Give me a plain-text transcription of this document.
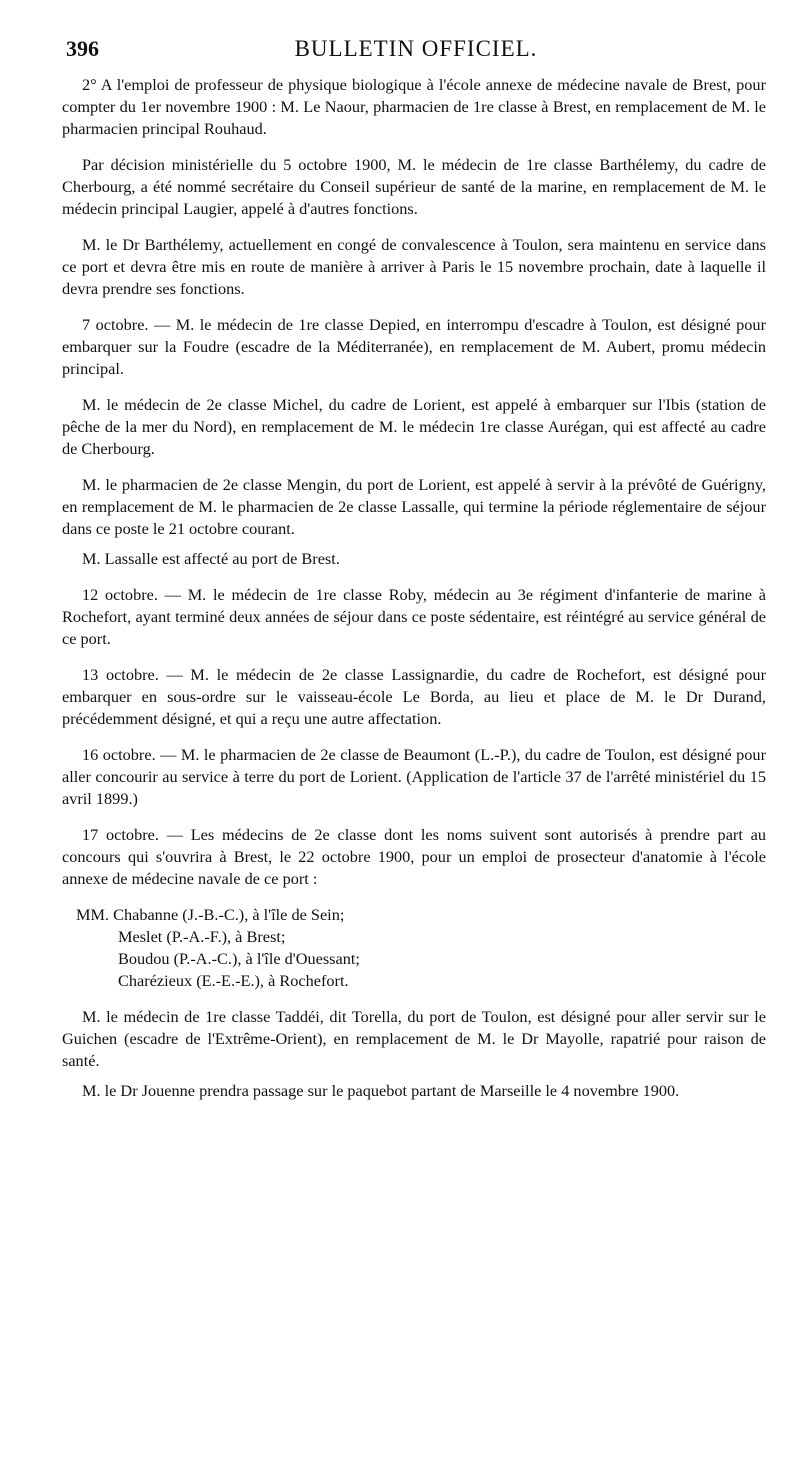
396	BULLETIN OFFICIEL.

2° A l'emploi de professeur de physique biologique à l'école annexe de médecine navale de Brest, pour compter du 1er novembre 1900 : M. Le Naour, pharmacien de 1re classe à Brest, en remplacement de M. le pharmacien principal Rouhaud.

Par décision ministérielle du 5 octobre 1900, M. le médecin de 1re classe Barthélemy, du cadre de Cherbourg, a été nommé secrétaire du Conseil supérieur de santé de la marine, en remplacement de M. le médecin principal Laugier, appelé à d'autres fonctions.

M. le Dr Barthélemy, actuellement en congé de convalescence à Toulon, sera maintenu en service dans ce port et devra être mis en route de manière à arriver à Paris le 15 novembre prochain, date à laquelle il devra prendre ses fonctions.

7 octobre. — M. le médecin de 1re classe Depied, en interrompu d'escadre à Toulon, est désigné pour embarquer sur la Foudre (escadre de la Méditerranée), en remplacement de M. Aubert, promu médecin principal.

M. le médecin de 2e classe Michel, du cadre de Lorient, est appelé à embarquer sur l'Ibis (station de pêche de la mer du Nord), en remplacement de M. le médecin 1re classe Aurégan, qui est affecté au cadre de Cherbourg.

M. le pharmacien de 2e classe Mengin, du port de Lorient, est appelé à servir à la prévôté de Guérigny, en remplacement de M. le pharmacien de 2e classe Lassalle, qui termine la période réglementaire de séjour dans ce poste le 21 octobre courant.

M. Lassalle est affecté au port de Brest.

12 octobre. — M. le médecin de 1re classe Roby, médecin au 3e régiment d'infanterie de marine à Rochefort, ayant terminé deux années de séjour dans ce poste sédentaire, est réintégré au service général de ce port.

13 octobre. — M. le médecin de 2e classe Lassignardie, du cadre de Rochefort, est désigné pour embarquer en sous-ordre sur le vaisseau-école Le Borda, au lieu et place de M. le Dr Durand, précédemment désigné, et qui a reçu une autre affectation.

16 octobre. — M. le pharmacien de 2e classe de Beaumont (L.-P.), du cadre de Toulon, est désigné pour aller concourir au service à terre du port de Lorient. (Application de l'article 37 de l'arrêté ministériel du 15 avril 1899.)

17 octobre. — Les médecins de 2e classe dont les noms suivent sont autorisés à prendre part au concours qui s'ouvrira à Brest, le 22 octobre 1900, pour un emploi de prosecteur d'anatomie à l'école annexe de médecine navale de ce port :

MM. Chabanne (J.-B.-C.), à l'île de Sein;
Meslet (P.-A.-F.), à Brest;
Boudou (P.-A.-C.), à l'île d'Ouessant;
Charézieux (E.-E.-E.), à Rochefort.

M. le médecin de 1re classe Taddéi, dit Torella, du port de Toulon, est désigné pour aller servir sur le Guichen (escadre de l'Extrême-Orient), en remplacement de M. le Dr Mayolle, rapatrié pour raison de santé.

M. le Dr Jouenne prendra passage sur le paquebot partant de Marseille le 4 novembre 1900.
